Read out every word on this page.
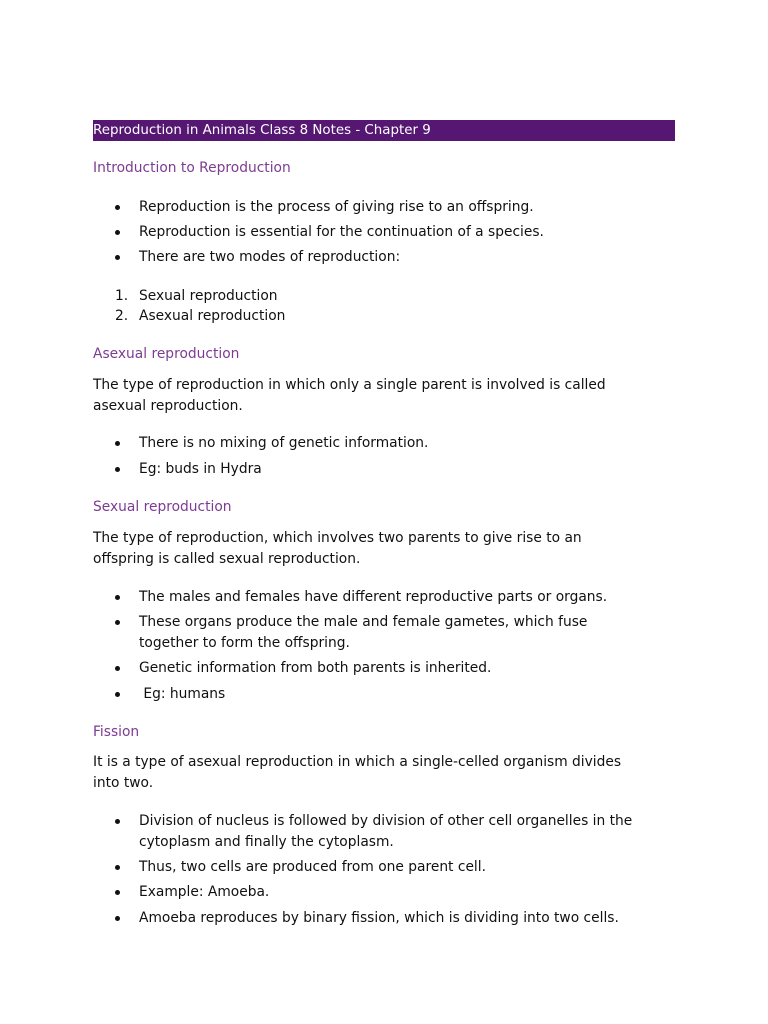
Reproduction in Animals Class 8 Notes - Chapter 9
Introduction to Reproduction
Reproduction is the process of giving rise to an offspring.
Reproduction is essential for the continuation of a species.
There are two modes of reproduction:
1. Sexual reproduction
2. Asexual reproduction
Asexual reproduction

The type of reproduction in which only a single parent is involved is called
asexual reproduction.

There is no mixing of genetic information.
Eg: buds in Hydra
Sexual reproduction

The type of reproduction, which involves two parents to give rise to an
offspring is called sexual reproduction.

The males and females have different reproductive parts or organs.
These organs produce the male and female gametes, which fuse
together to form the offspring.
Genetic information from both parents is inherited.
Eg: humans
Fission

It is a type of asexual reproduction in which a single-celled organism divides
into two.

Division of nucleus is followed by division of other cell organelles in the
cytoplasm and finally the cytoplasm.
Thus, two cells are produced from one parent cell.
Example: Amoeba.
Amoeba reproduces by binary fission, which is dividing into two cells.
